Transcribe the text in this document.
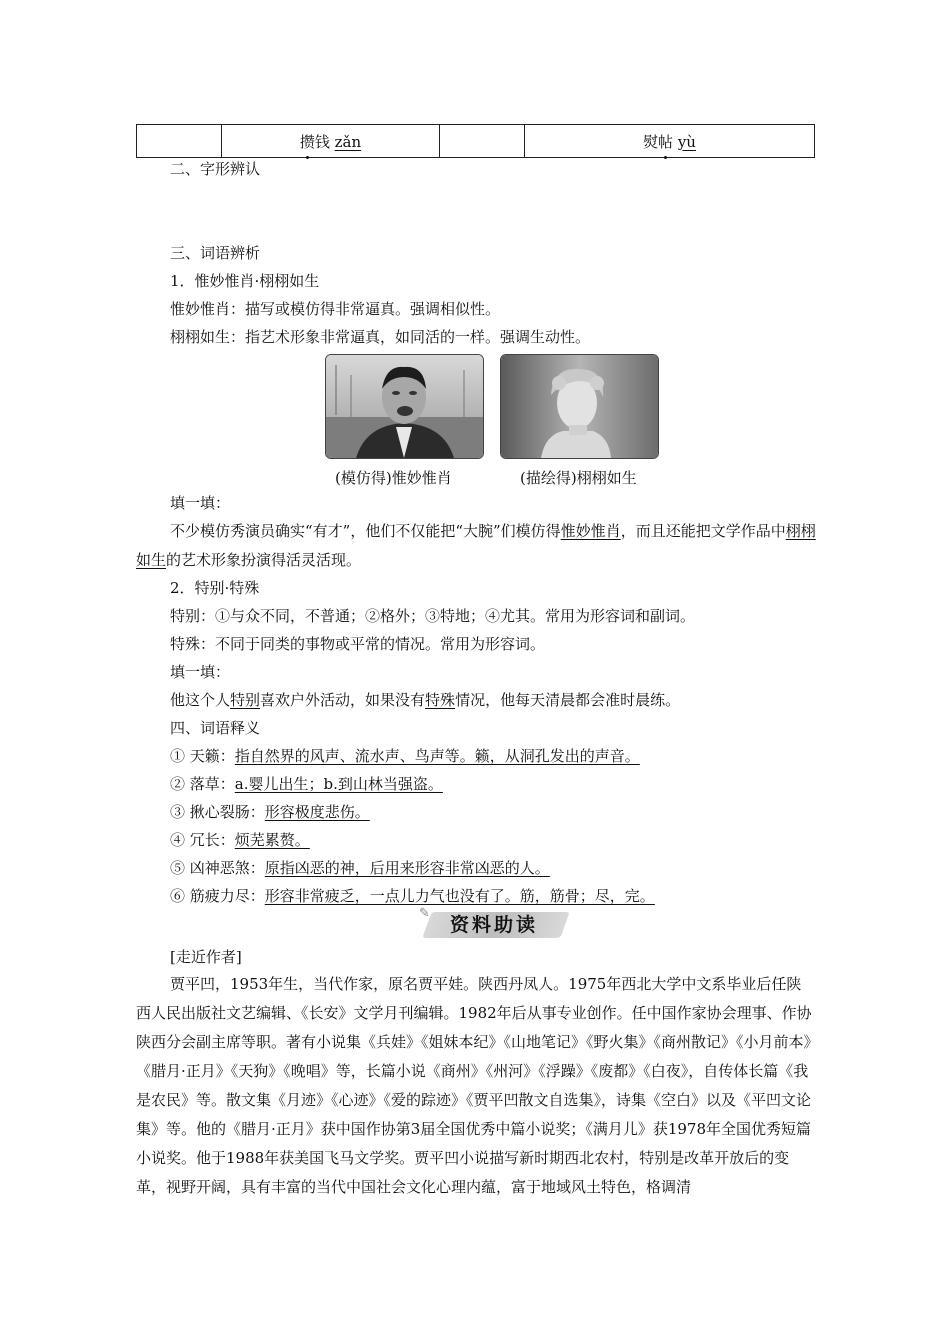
	攒钱 zǎn		熨帖 yù
二、字形辨认
三、词语辨析
1．惟妙惟肖·栩栩如生
惟妙惟肖：描写或模仿得非常逼真。强调相似性。
栩栩如生：指艺术形象非常逼真，如同活的一样。强调生动性。
(模仿得)惟妙惟肖	(描绘得)栩栩如生
填一填：
不少模仿秀演员确实“有才”，他们不仅能把“大腕”们模仿得惟妙惟肖，而且还能把文学作品中栩栩如生的艺术形象扮演得活灵活现。
2．特别·特殊
特别：①与众不同，不普通；②格外；③特地；④尤其。常用为形容词和副词。
特殊：不同于同类的事物或平常的情况。常用为形容词。
填一填：
他这个人特别喜欢户外活动，如果没有特殊情况，他每天清晨都会准时晨练。
四、词语释义
① 天籁：指自然界的风声、流水声、鸟声等。籁，从洞孔发出的声音。
② 落草：a.婴儿出生；b.到山林当强盗。
③ 揪心裂肠：形容极度悲伤。
④ 冗长：烦芜累赘。
⑤ 凶神恶煞：原指凶恶的神，后用来形容非常凶恶的人。
⑥ 筋疲力尽：形容非常疲乏，一点儿力气也没有了。筋，筋骨；尽，完。
✎
资料助读
[走近作者]
贾平凹，1953年生，当代作家，原名贾平娃。陕西丹凤人。1975年西北大学中文系毕业后任陕西人民出版社文艺编辑、《长安》文学月刊编辑。1982年后从事专业创作。任中国作家协会理事、作协陕西分会副主席等职。著有小说集《兵娃》《姐妹本纪》《山地笔记》《野火集》《商州散记》《小月前本》《腊月·正月》《天狗》《晚唱》等，长篇小说《商州》《州河》《浮躁》《废都》《白夜》，自传体长篇《我是农民》等。散文集《月迹》《心迹》《爱的踪迹》《贾平凹散文自选集》，诗集《空白》以及《平凹文论集》等。他的《腊月·正月》获中国作协第3届全国优秀中篇小说奖；《满月儿》获1978年全国优秀短篇小说奖。他于1988年获美国飞马文学奖。贾平凹小说描写新时期西北农村，特别是改革开放后的变革，视野开阔，具有丰富的当代中国社会文化心理内蕴，富于地域风土特色，格调清
